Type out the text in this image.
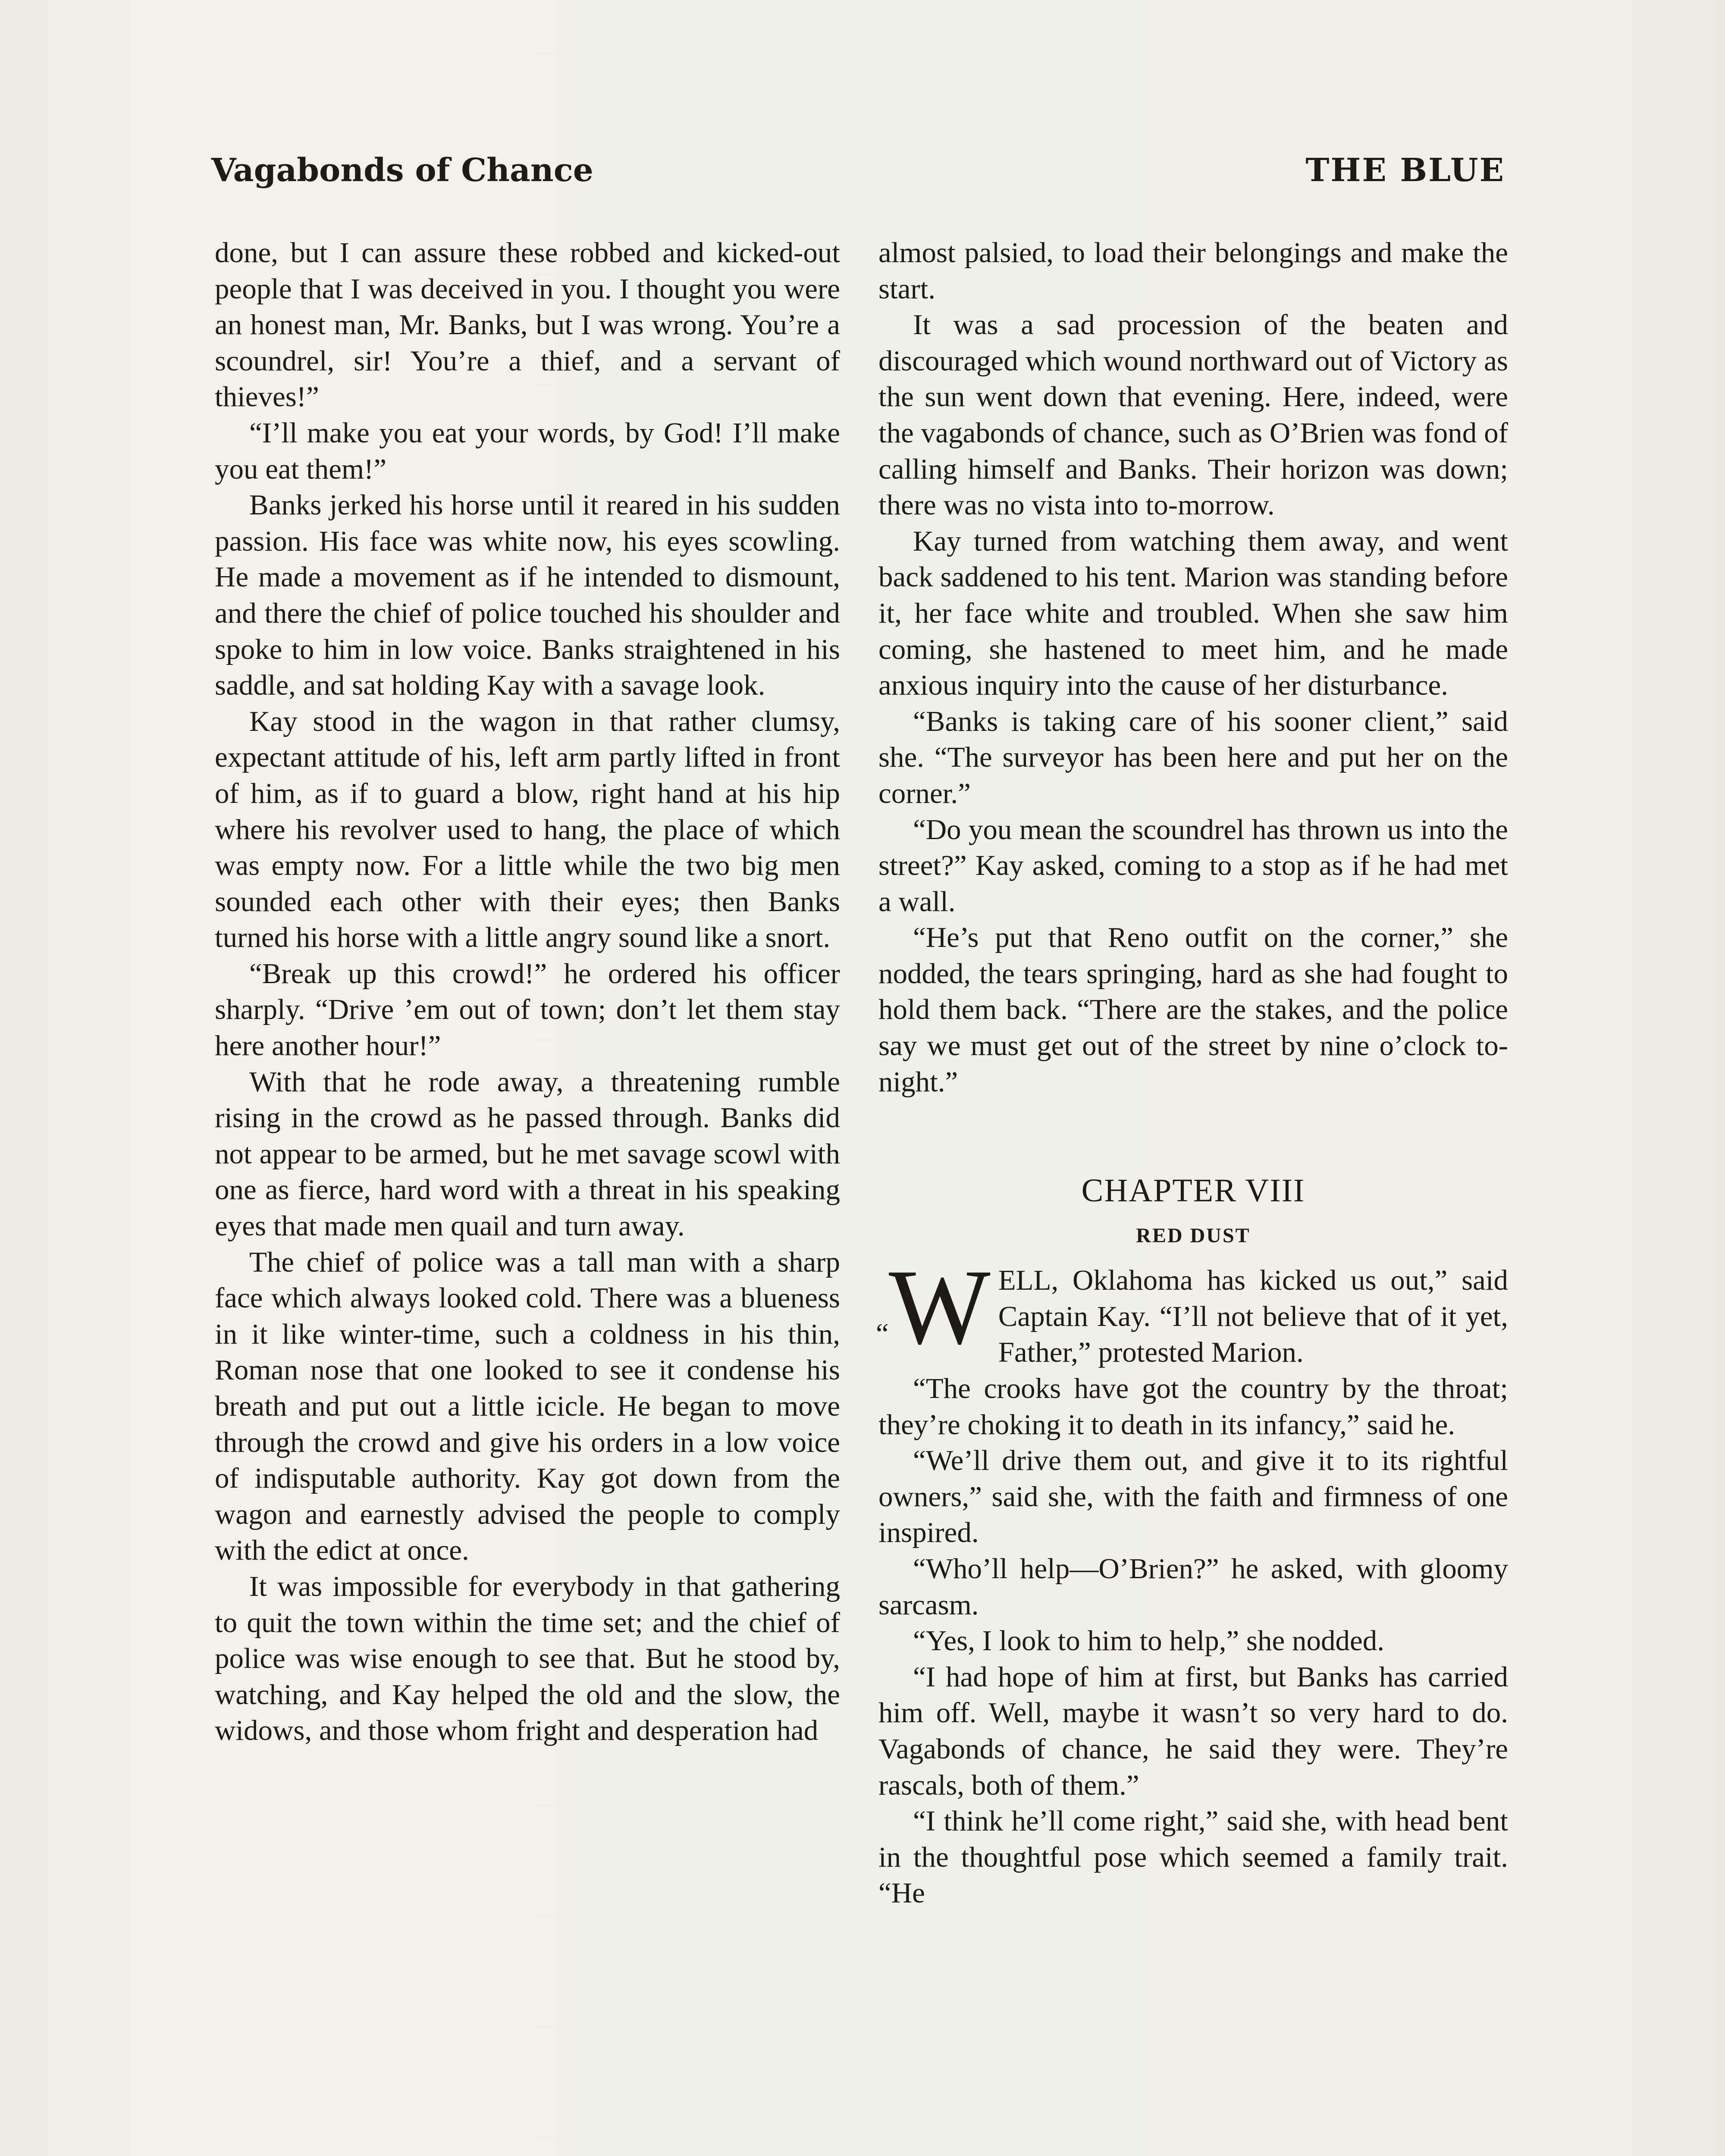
Vagabonds of Chance	THE BLUE

done, but I can assure these robbed and kicked-out people that I was deceived in you. I thought you were an honest man, Mr. Banks, but I was wrong. You’re a scoundrel, sir! You’re a thief, and a servant of thieves!”

“I’ll make you eat your words, by God! I’ll make you eat them!”

Banks jerked his horse until it reared in his sudden passion. His face was white now, his eyes scowling. He made a movement as if he intended to dismount, and there the chief of police touched his shoulder and spoke to him in low voice. Banks straightened in his saddle, and sat holding Kay with a savage look.

Kay stood in the wagon in that rather clumsy, expectant attitude of his, left arm partly lifted in front of him, as if to guard a blow, right hand at his hip where his revolver used to hang, the place of which was empty now. For a little while the two big men sounded each other with their eyes; then Banks turned his horse with a little angry sound like a snort.

“Break up this crowd!” he ordered his officer sharply. “Drive ’em out of town; don’t let them stay here another hour!”

With that he rode away, a threatening rumble rising in the crowd as he passed through. Banks did not appear to be armed, but he met savage scowl with one as fierce, hard word with a threat in his speaking eyes that made men quail and turn away.

The chief of police was a tall man with a sharp face which always looked cold. There was a blueness in it like winter-time, such a coldness in his thin, Roman nose that one looked to see it condense his breath and put out a little icicle. He began to move through the crowd and give his orders in a low voice of indisputable authority. Kay got down from the wagon and earnestly advised the people to comply with the edict at once.

It was impossible for everybody in that gathering to quit the town within the time set; and the chief of police was wise enough to see that. But he stood by, watching, and Kay helped the old and the slow, the widows, and those whom fright and desperation had

almost palsied, to load their belongings and make the start.

It was a sad procession of the beaten and discouraged which wound northward out of Victory as the sun went down that evening. Here, indeed, were the vagabonds of chance, such as O’Brien was fond of calling himself and Banks. Their horizon was down; there was no vista into to-morrow.

Kay turned from watching them away, and went back saddened to his tent. Marion was standing before it, her face white and troubled. When she saw him coming, she hastened to meet him, and he made anxious inquiry into the cause of her disturbance.

“Banks is taking care of his sooner client,” said she. “The surveyor has been here and put her on the corner.”

“Do you mean the scoundrel has thrown us into the street?” Kay asked, coming to a stop as if he had met a wall.

“He’s put that Reno outfit on the corner,” she nodded, the tears springing, hard as she had fought to hold them back. “There are the stakes, and the police say we must get out of the street by nine o’clock to-night.”

CHAPTER VIII
RED DUST

“W ELL, Oklahoma has kicked us out,” said Captain Kay. “I’ll not believe that of it yet, Father,” protested Marion.

“The crooks have got the country by the throat; they’re choking it to death in its infancy,” said he.

“We’ll drive them out, and give it to its rightful owners,” said she, with the faith and firmness of one inspired.

“Who’ll help—O’Brien?” he asked, with gloomy sarcasm.

“Yes, I look to him to help,” she nodded.

“I had hope of him at first, but Banks has carried him off. Well, maybe it wasn’t so very hard to do. Vagabonds of chance, he said they were. They’re rascals, both of them.”

“I think he’ll come right,” said she, with head bent in the thoughtful pose which seemed a family trait. “He
